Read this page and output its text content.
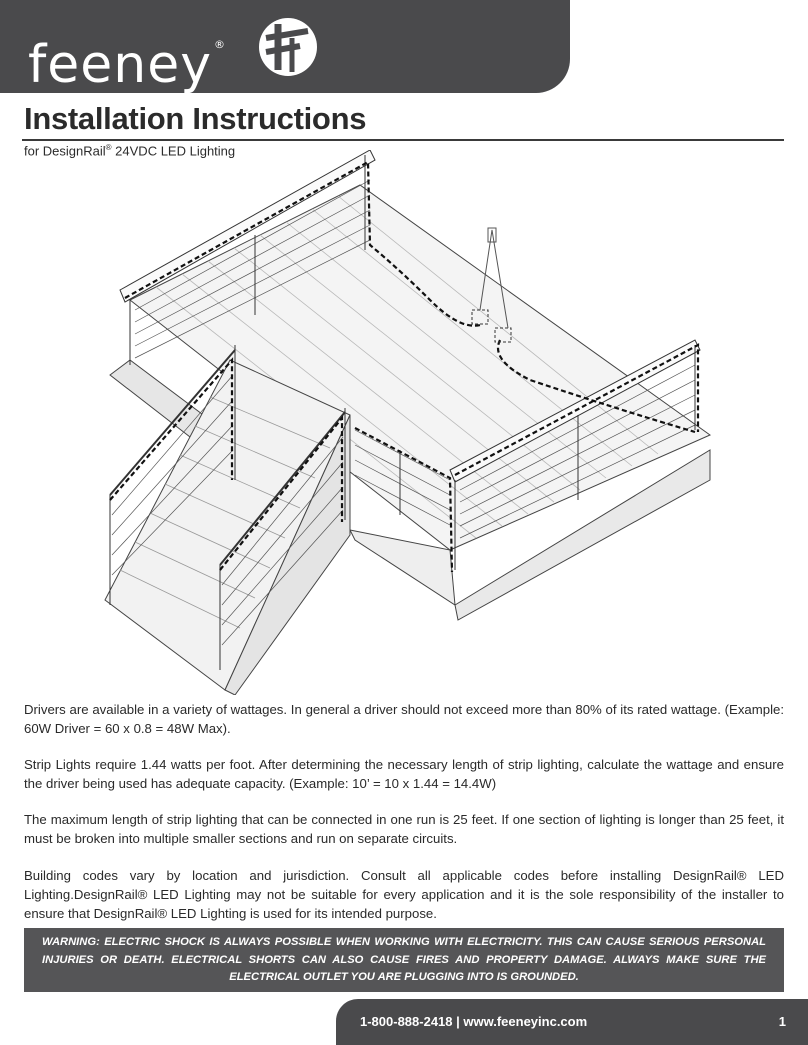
feeney ®
Installation Instructions
for DesignRail® 24VDC LED Lighting

Drivers are available in a variety of wattages. In general a driver should not exceed more than 80% of its rated wattage. (Example: 60W Driver = 60 x 0.8 = 48W Max).

Strip Lights require 1.44 watts per foot. After determining the necessary length of strip lighting, calculate the wattage and ensure the driver being used has adequate capacity. (Example: 10’ = 10 x 1.44 = 14.4W)

The maximum length of strip lighting that can be connected in one run is 25 feet. If one section of lighting is longer than 25 feet, it must be broken into multiple smaller sections and run on separate circuits.

Building codes vary by location and jurisdiction. Consult all applicable codes before installing DesignRail® LED Lighting.DesignRail® LED Lighting may not be suitable for every application and it is the sole responsibility of the installer to ensure that DesignRail® LED Lighting is used for its intended purpose.

WARNING: ELECTRIC SHOCK IS ALWAYS POSSIBLE WHEN WORKING WITH ELECTRICITY. THIS CAN CAUSE SERIOUS PERSONAL INJURIES OR DEATH. ELECTRICAL SHORTS CAN ALSO CAUSE FIRES AND PROPERTY DAMAGE. ALWAYS MAKE SURE THE ELECTRICAL OUTLET YOU ARE PLUGGING INTO IS GROUNDED.
1-800-888-2418 | www.feeneyinc.com	1
